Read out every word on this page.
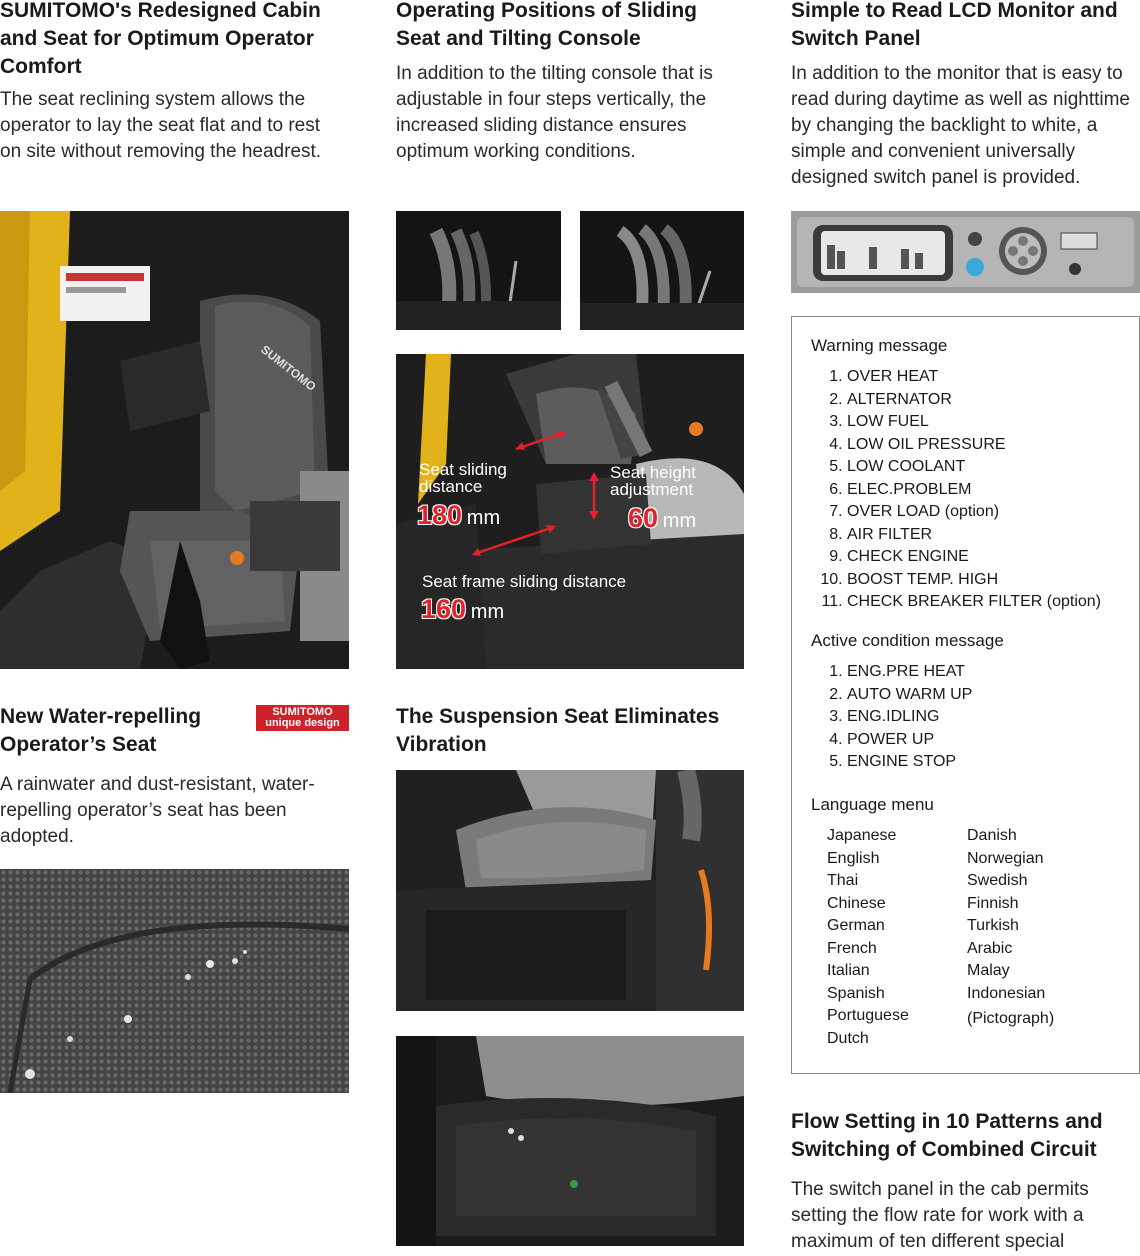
SUMITOMO's Redesigned Cabin and Seat for Optimum Operator Comfort

The seat reclining system allows the operator to lay the seat flat and to rest on site without removing the headrest.

SUMITOMO
New Water-repelling Operator’s Seat
SUMITOMO
unique design

A rainwater and dust-resistant, water-repelling operator’s seat has been adopted.

Operating Positions of Sliding Seat and Tilting Console

In addition to the tilting console that is adjustable in four steps vertically, the increased sliding distance ensures optimum working conditions.

Seat sliding distance
180 mm
Seat height adjustment
60 mm
Seat frame sliding distance
160 mm
The Suspension Seat Eliminates Vibration
Simple to Read LCD Monitor and Switch Panel

In addition to the monitor that is easy to read during daytime as well as nighttime by changing the backlight to white, a simple and convenient universally designed switch panel is provided.

Warning message
1. OVER HEAT
2. ALTERNATOR
3. LOW FUEL
4. LOW OIL PRESSURE
5. LOW COOLANT
6. ELEC.PROBLEM
7. OVER LOAD (option)
8. AIR FILTER
9. CHECK ENGINE
10. BOOST TEMP. HIGH
11. CHECK BREAKER FILTER (option)
Active condition message
1. ENG.PRE HEAT
2. AUTO WARM UP
3. ENG.IDLING
4. POWER UP
5. ENGINE STOP
Language menu
Japanese
English
Thai
Chinese
German
French
Italian
Spanish
Portuguese
Dutch
Danish
Norwegian
Swedish
Finnish
Turkish
Arabic
Malay
Indonesian
(Pictograph)
Flow Setting in 10 Patterns and Switching of Combined Circuit

The switch panel in the cab permits setting the flow rate for work with a maximum of ten different special
